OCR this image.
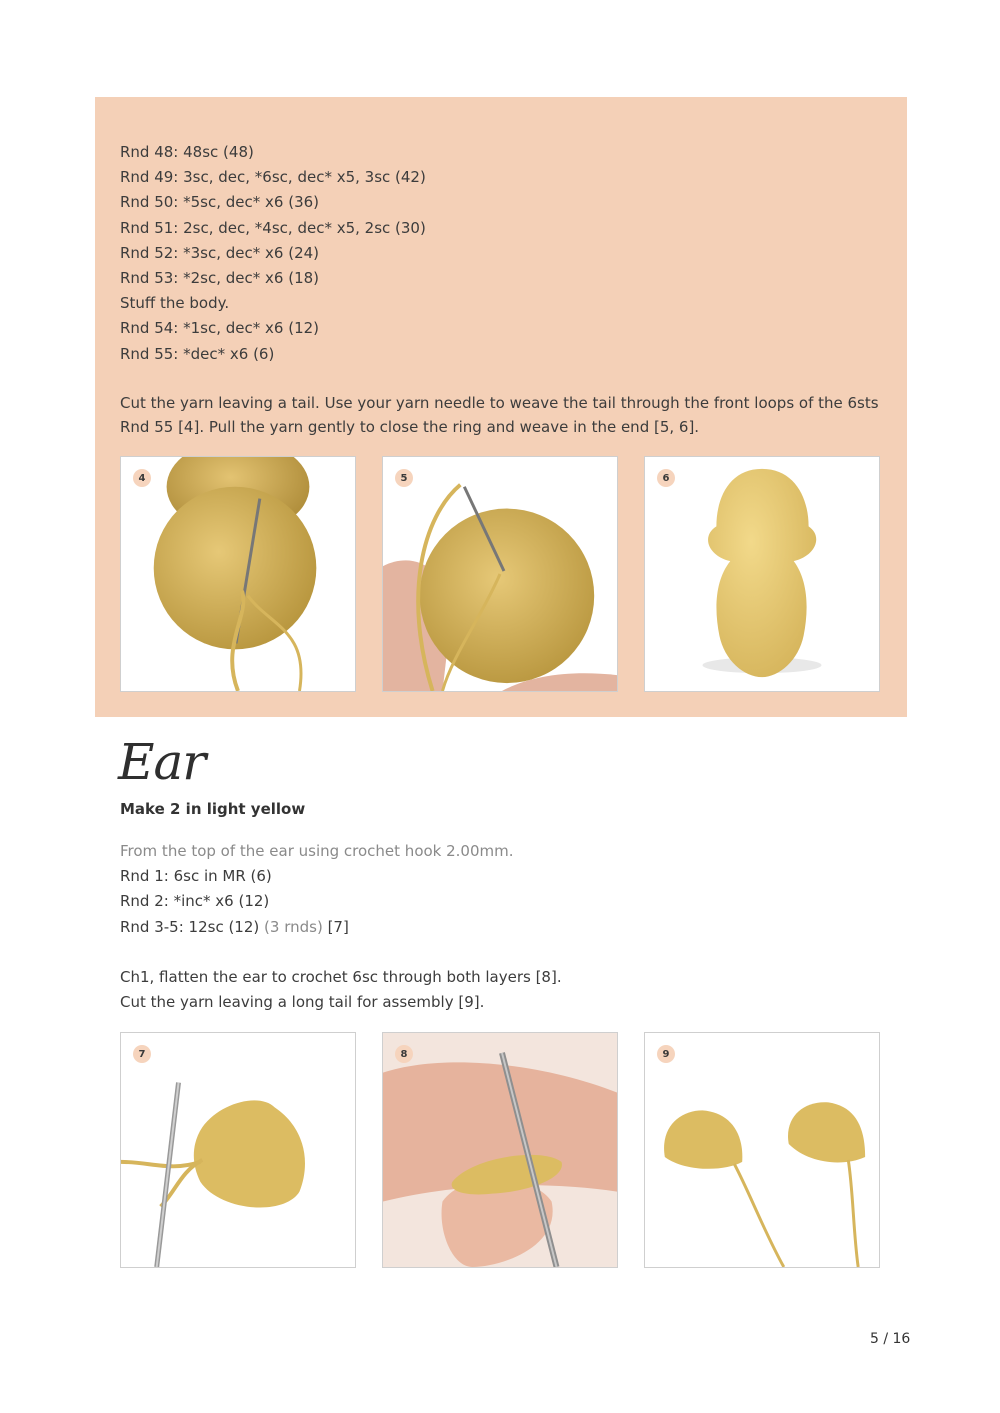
Rnd 48: 48sc (48)
Rnd 49: 3sc, dec, *6sc, dec* x5, 3sc (42)
Rnd 50: *5sc, dec* x6 (36)
Rnd 51: 2sc, dec, *4sc, dec* x5, 2sc (30)
Rnd 52: *3sc, dec* x6 (24)
Rnd 53: *2sc, dec* x6 (18)
Stuff the body.
Rnd 54: *1sc, dec* x6 (12)
Rnd 55: *dec* x6 (6)
Cut the yarn leaving a tail. Use your yarn needle to weave the tail through the front loops of the 6sts Rnd 55 [4]. Pull the yarn gently to close the ring and weave in the end [5, 6].
4	5	6
Ear
Make 2 in light yellow
From the top of the ear using crochet hook 2.00mm.
Rnd 1: 6sc in MR (6)
Rnd 2: *inc* x6 (12)
Rnd 3-5: 12sc (12) (3 rnds) [7]

Ch1, flatten the ear to crochet 6sc through both layers [8].
Cut the yarn leaving a long tail for assembly [9].
7	8	9
5 / 16
